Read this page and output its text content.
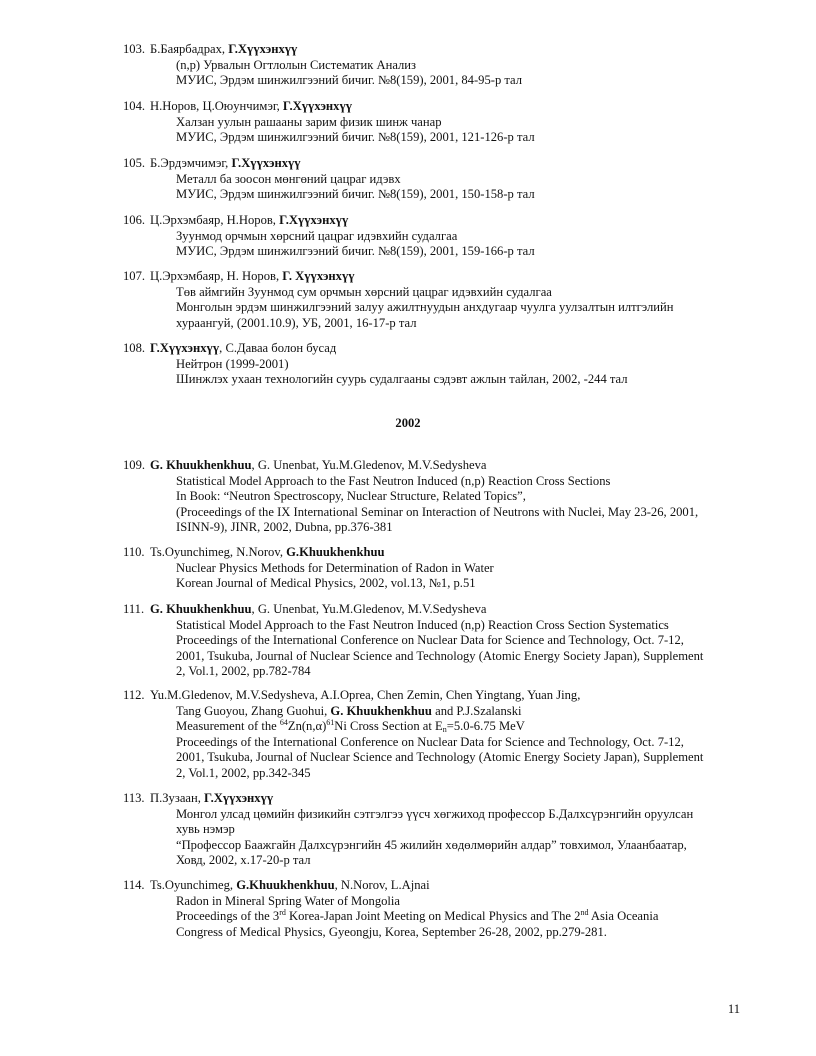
103. Б.Баярбадрах, Г.Хүүхэнхүү
(n,p) Урвалын Огтлолын Систематик Анализ
МУИС, Эрдэм шинжилгээний бичиг. №8(159), 2001, 84-95-р тал
104. Н.Норов, Ц.Оюунчимэг, Г.Хүүхэнхүү
Халзан уулын рашааны зарим физик шинж чанар
МУИС, Эрдэм шинжилгээний бичиг. №8(159), 2001, 121-126-р тал
105. Б.Эрдэмчимэг, Г.Хүүхэнхүү
Металл ба зоосон мөнгөний цацраг идэвх
МУИС, Эрдэм шинжилгээний бичиг. №8(159), 2001, 150-158-р тал
106. Ц.Эрхэмбаяр, Н.Норов, Г.Хүүхэнхүү
Зуунмод орчмын хөрсний цацраг идэвхийн судалгаа
МУИС, Эрдэм шинжилгээний бичиг. №8(159), 2001, 159-166-р тал
107. Ц.Эрхэмбаяр, Н. Норов, Г. Хүүхэнхүү
Төв аймгийн Зуунмод сум орчмын хөрсний цацраг идэвхийн судалгаа
Монголын эрдэм шинжилгээний залуу ажилтнуудын анхдугаар чуулга уулзалтын илтгэлийн
хураангуй, (2001.10.9), УБ, 2001, 16-17-р тал
108. Г.Хүүхэнхүү, С.Даваа болон бусад
Нейтрон (1999-2001)
Шинжлэх ухаан технологийн суурь судалгааны сэдэвт ажлын тайлан, 2002, -244 тал
2002
109. G. Khuukhenkhuu, G. Unenbat, Yu.M.Gledenov, M.V.Sedysheva
Statistical Model Approach to the Fast Neutron Induced (n,p) Reaction Cross Sections
In Book: “Neutron Spectroscopy, Nuclear Structure, Related Topics”,
(Proceedings of the IX International Seminar on Interaction of Neutrons with Nuclei, May 23-26, 2001,
ISINN-9), JINR, 2002, Dubna, pp.376-381
110. Ts.Oyunchimeg, N.Norov, G.Khuukhenkhuu
Nuclear Physics Methods for Determination of Radon in Water
Korean Journal of Medical Physics, 2002, vol.13, №1, p.51
111. G. Khuukhenkhuu, G. Unenbat, Yu.M.Gledenov, M.V.Sedysheva
Statistical Model Approach to the Fast Neutron Induced (n,p) Reaction Cross Section Systematics
Proceedings of the International Conference on Nuclear Data for Science and Technology, Oct. 7-12,
2001, Tsukuba, Journal of Nuclear Science and Technology (Atomic Energy Society Japan), Supplement
2, Vol.1, 2002, pp.782-784
112. Yu.M.Gledenov, M.V.Sedysheva, A.I.Oprea, Chen Zemin, Chen Yingtang, Yuan Jing,
Tang Guoyou, Zhang Guohui, G. Khuukhenkhuu and P.J.Szalanski
Measurement of the $^{64}Zn(n,\alpha)^{61}Ni$ Cross Section at $E_n=5.0-6.75$ MeV
Proceedings of the International Conference on Nuclear Data for Science and Technology, Oct. 7-12,
2001, Tsukuba, Journal of Nuclear Science and Technology (Atomic Energy Society Japan), Supplement
2, Vol.1, 2002, pp.342-345
113. П.Зузаан, Г.Хүүхэнхүү
Монгол улсад цөмийн физикийн сэтгэлгээ үүсч хөгжиход профессор Б.Далхсүрэнгийн оруулсан
хувь нэмэр
“Профессор Баажгайн Далхсүрэнгийн 45 жилийн хөдөлмөрийн алдар” товхимол, Улаанбаатар,
Ховд, 2002, х.17-20-р тал
114. Ts.Oyunchimeg, G.Khuukhenkhuu, N.Norov, L.Ajnai
Radon in Mineral Spring Water of Mongolia
Proceedings of the 3rd Korea-Japan Joint Meeting on Medical Physics and The 2nd Asia Oceania
Congress of Medical Physics, Gyeongju, Korea, September 26-28, 2002, pp.279-281.
11
